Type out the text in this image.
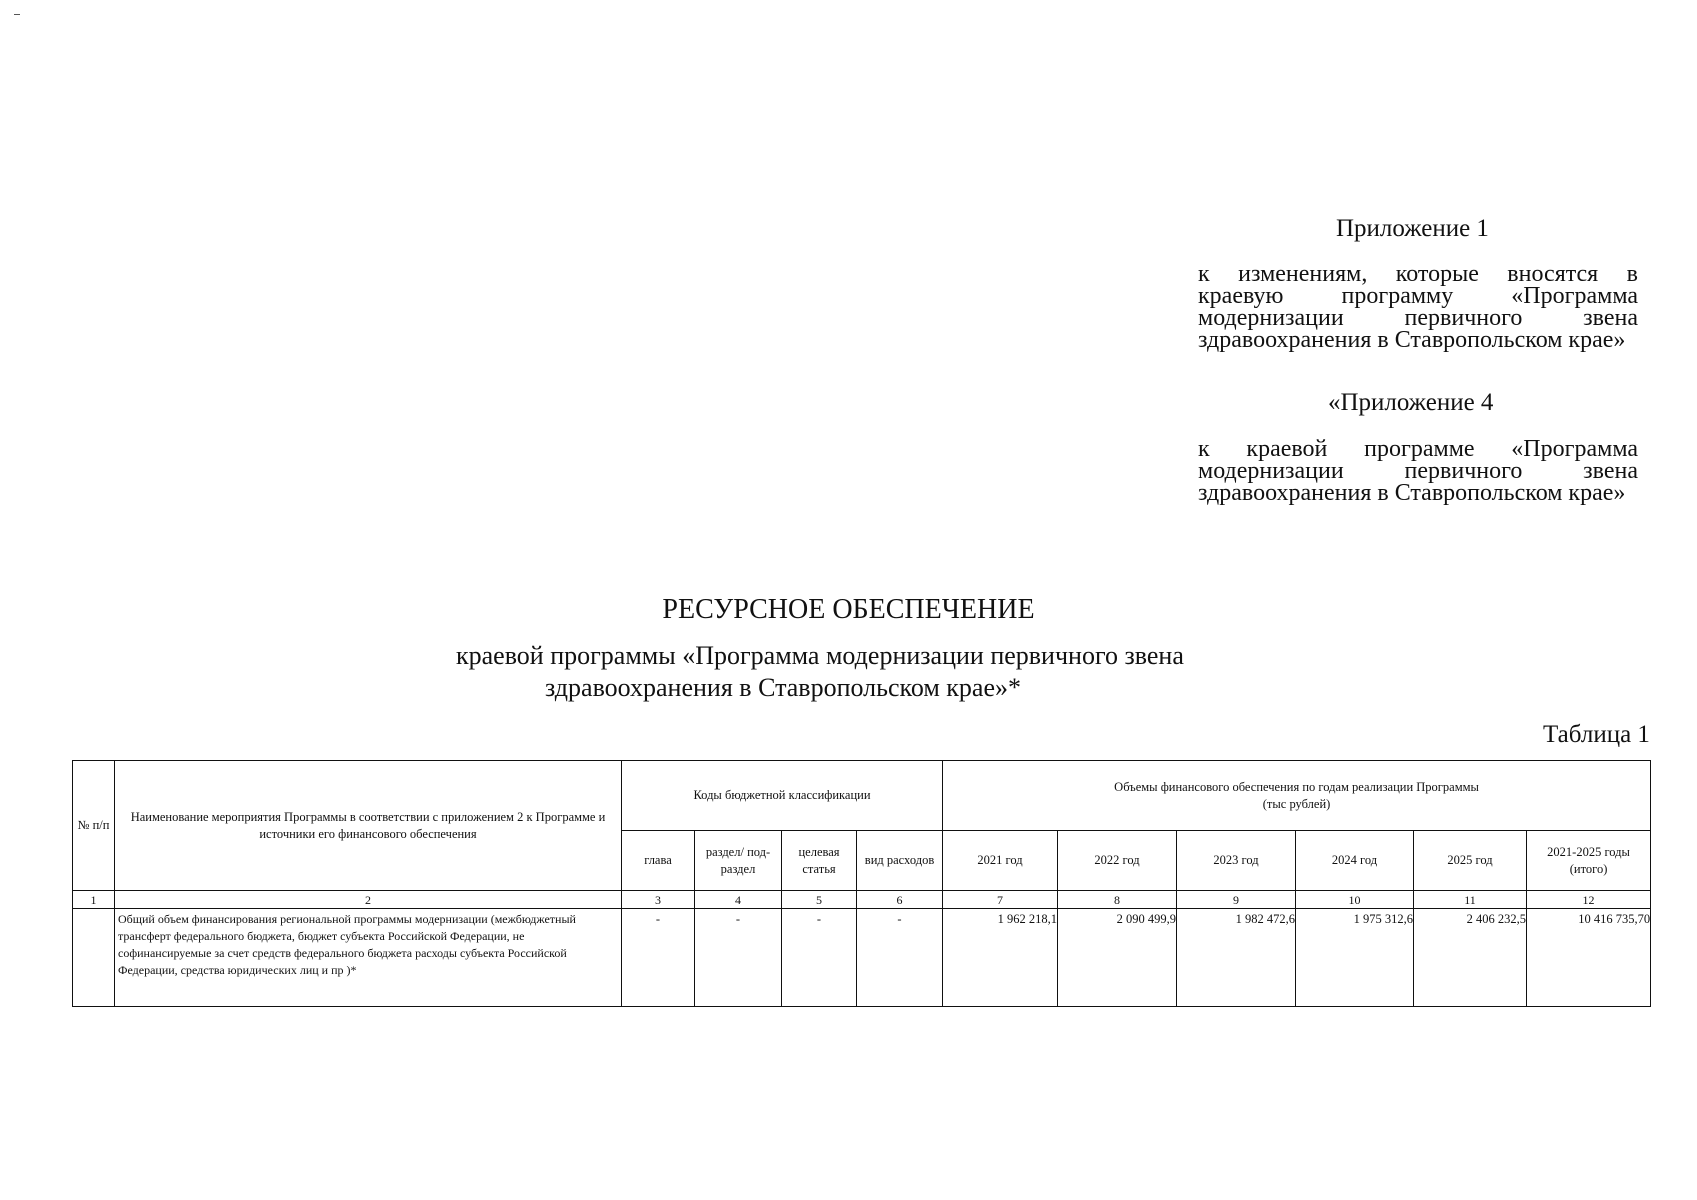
Приложение 1
к изменениям, которые вносятся в краевую программу «Программа модернизации первичного звена здравоохранения в Ставропольском крае»
«Приложение 4
к краевой программе «Программа модернизации первичного звена здравоохранения в Ставропольском крае»
РЕСУРСНОЕ ОБЕСПЕЧЕНИЕ
краевой программы «Программа модернизации первичного звена
здравоохранения в Ставропольском крае»*
Таблица 1
№ п/п	Наименование мероприятия Программы в соответствии с приложением 2 к Программе и источники его финансового обеспечения	Коды бюджетной классификации				Объемы финансового обеспечения по годам реализации Программы
(тыс рублей)					

		глава	раздел/ под-раздел	целевая статья	вид расходов	2021 год	2022 год	2023 год	2024 год	2025 год	2021-2025 годы (итого)
1	2	3	4	5	6	7	8	9	10	11	12
	Общий объем финансирования региональной программы модернизации (межбюджетный трансферт федерального бюджета, бюджет субъекта Российской Федерации, не софинансируемые за счет средств федерального бюджета расходы субъекта Российской Федерации, средства юридических лиц и пр )*	-	-	-	-	1 962 218,1	2 090 499,9	1 982 472,6	1 975 312,6	2 406 232,5	10 416 735,70
